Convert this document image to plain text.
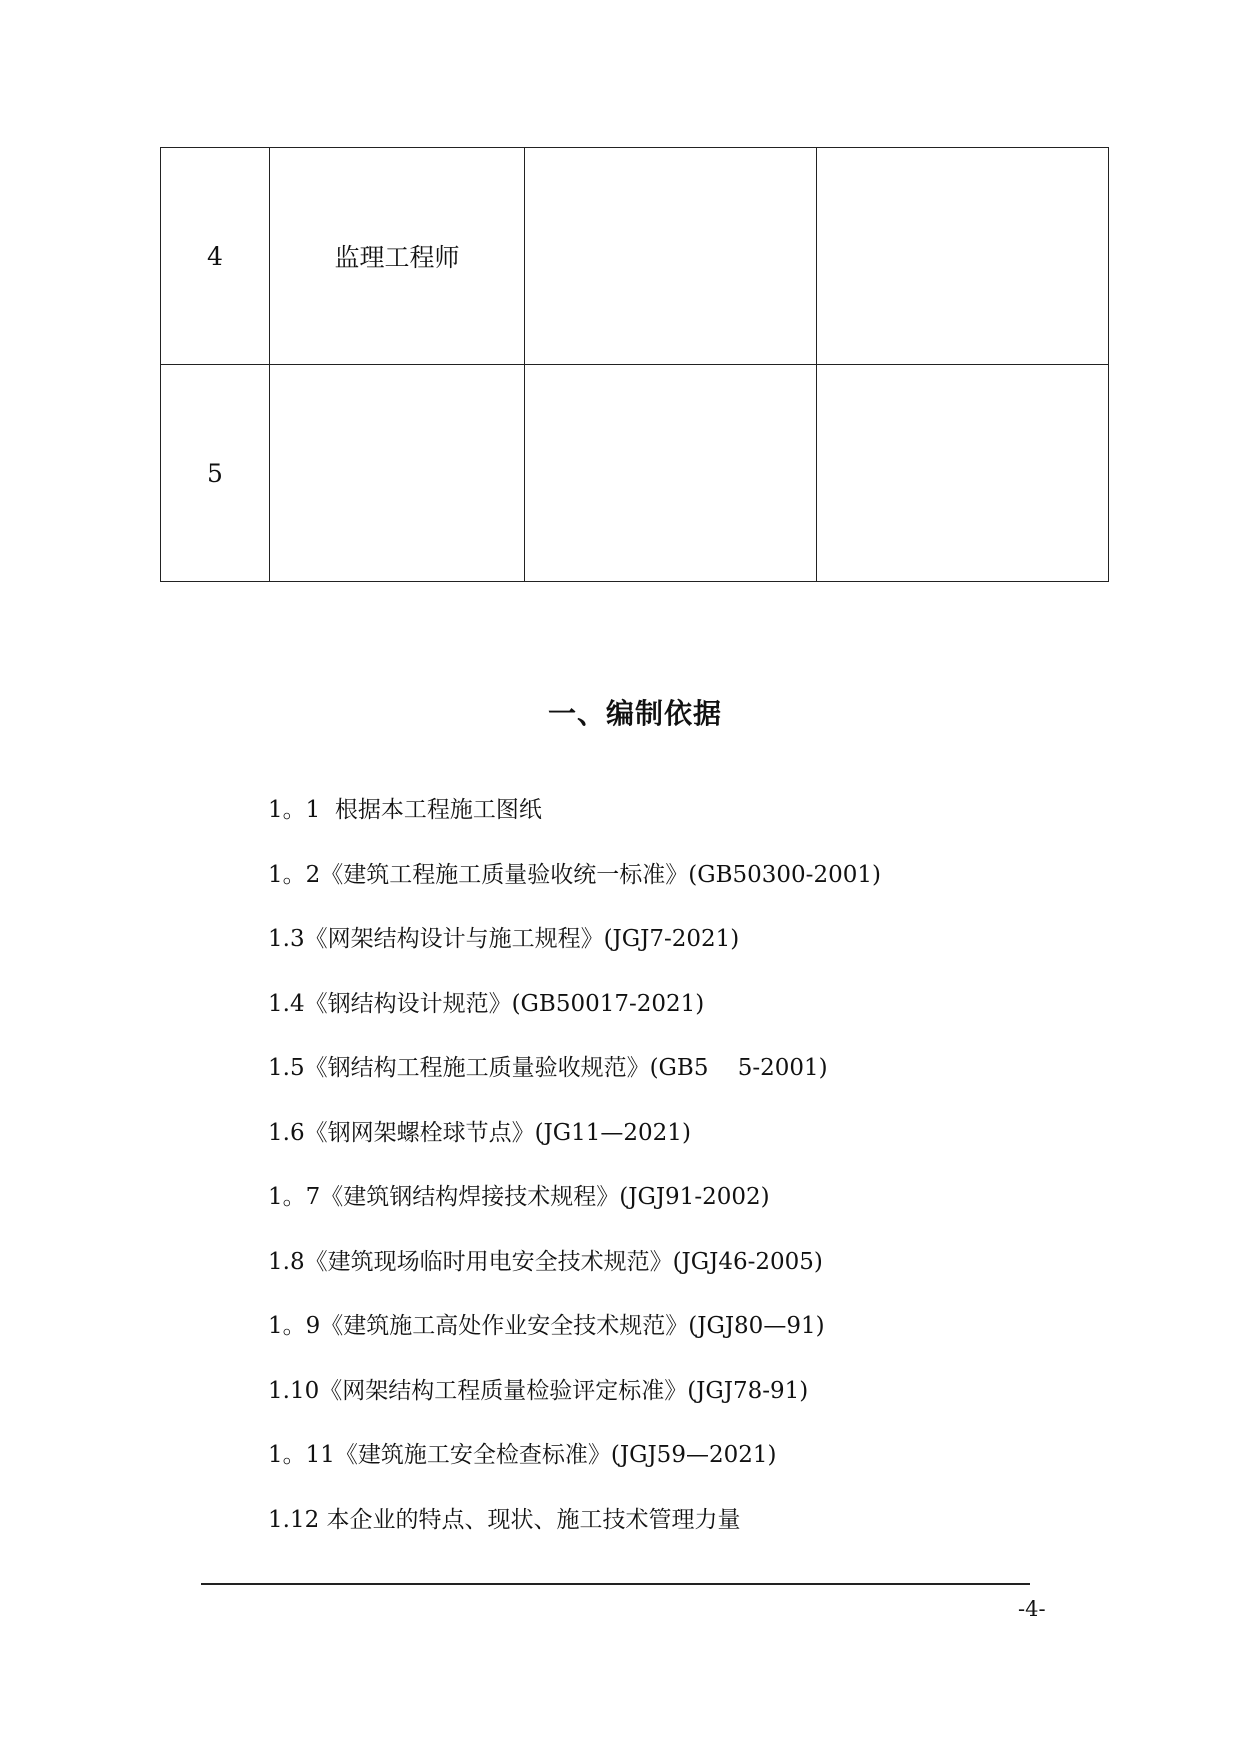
4	监理工程师		
5			
一、编制依据
1。1  根据本工程施工图纸
1。2《建筑工程施工质量验收统一标准》(GB50300-2001)
1.3《网架结构设计与施工规程》(JGJ7-2021)
1.4《钢结构设计规范》(GB50017-2021)
1.5《钢结构工程施工质量验收规范》(GB5    5-2001)
1.6《钢网架螺栓球节点》(JG11—2021)
1。7《建筑钢结构焊接技术规程》(JGJ91-2002)
1.8《建筑现场临时用电安全技术规范》(JGJ46-2005)
1。9《建筑施工高处作业安全技术规范》(JGJ80—91)
1.10《网架结构工程质量检验评定标准》(JGJ78-91)
1。11《建筑施工安全检查标准》(JGJ59—2021)
1.12 本企业的特点、现状、施工技术管理力量
-4-
